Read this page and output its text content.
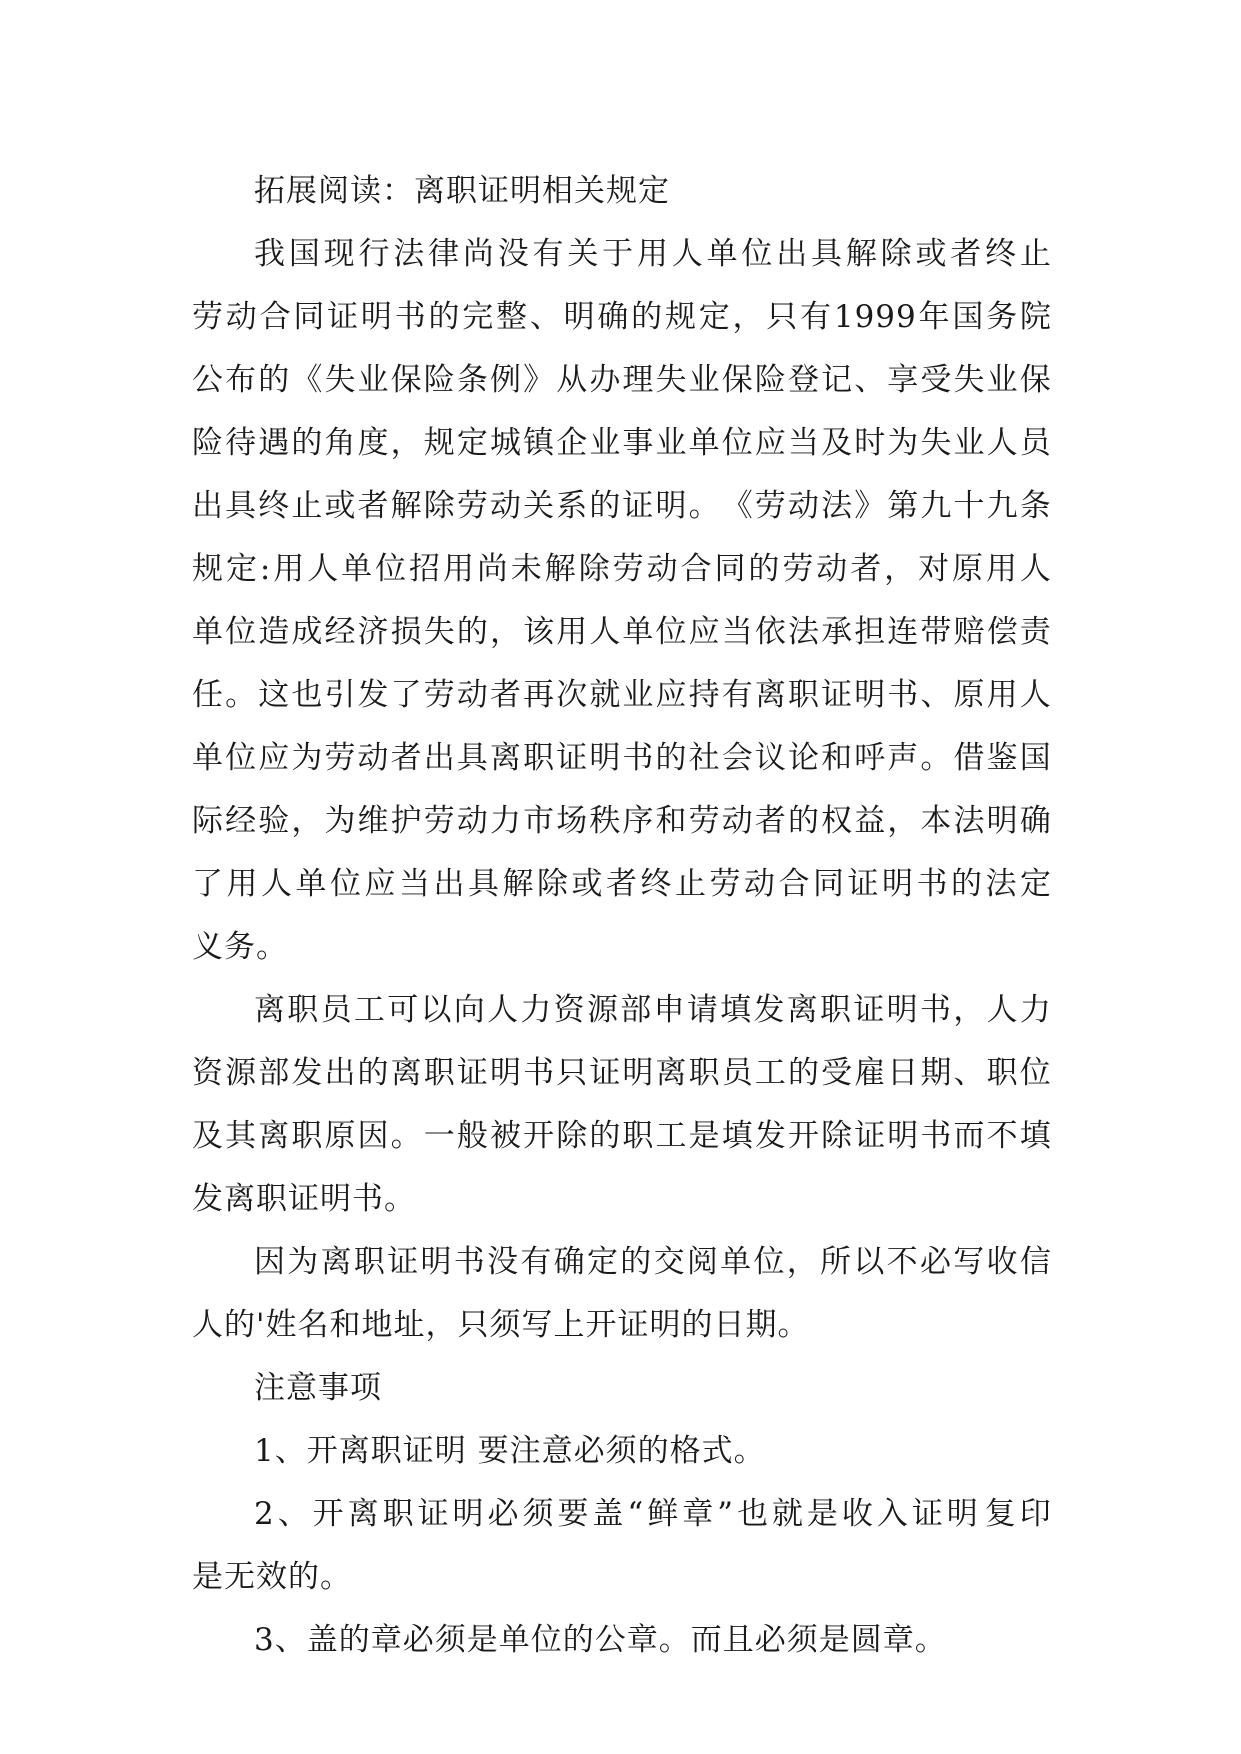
拓展阅读：离职证明相关规定
我 国 现 行 法 律 尚 没 有 关 于 用 人 单 位 出 具 解 除 或 者 终 止
劳 动 合 同 证 明 书 的 完 整 、 明 确 的 规 定 ， 只 有 1999 年 国 务 院
公 布 的 《 失 业 保 险 条 例 》 从 办 理 失 业 保 险 登 记 、 享 受 失 业 保
险 待 遇 的 角 度 ， 规 定 城 镇 企 业 事 业 单 位 应 当 及 时 为 失 业 人 员
出 具 终 止 或 者 解 除 劳 动 关 系 的 证 明 。 《 劳 动 法 》 第 九 十 九 条
规 定 : 用 人 单 位 招 用 尚 未 解 除 劳 动 合 同 的 劳 动 者 ， 对 原 用 人
单 位 造 成 经 济 损 失 的 ， 该 用 人 单 位 应 当 依 法 承 担 连 带 赔 偿 责
任 。 这 也 引 发 了 劳 动 者 再 次 就 业 应 持 有 离 职 证 明 书 、 原 用 人
单 位 应 为 劳 动 者 出 具 离 职 证 明 书 的 社 会 议 论 和 呼 声 。 借 鉴 国
际 经 验 ， 为 维 护 劳 动 力 市 场 秩 序 和 劳 动 者 的 权 益 ， 本 法 明 确
了 用 人 单 位 应 当 出 具 解 除 或 者 终 止 劳 动 合 同 证 明 书 的 法 定
义务。
离 职 员 工 可 以 向 人 力 资 源 部 申 请 填 发 离 职 证 明 书 ， 人 力
资 源 部 发 出 的 离 职 证 明 书 只 证 明 离 职 员 工 的 受 雇 日 期 、 职 位
及 其 离 职 原 因 。 一 般 被 开 除 的 职 工 是 填 发 开 除 证 明 书 而 不 填
发离职证明书。
因 为 离 职 证 明 书 没 有 确 定 的 交 阅 单 位 ， 所 以 不 必 写 收 信
人的'姓名和地址，只须写上开证明的日期。
注意事项
1、开离职证明 要注意必须的格式。
2 、 开 离 职 证 明 必 须 要 盖 “ 鲜 章 ” 也 就 是 收 入 证 明 复 印
是无效的。
3、盖的章必须是单位的公章。而且必须是圆章。
